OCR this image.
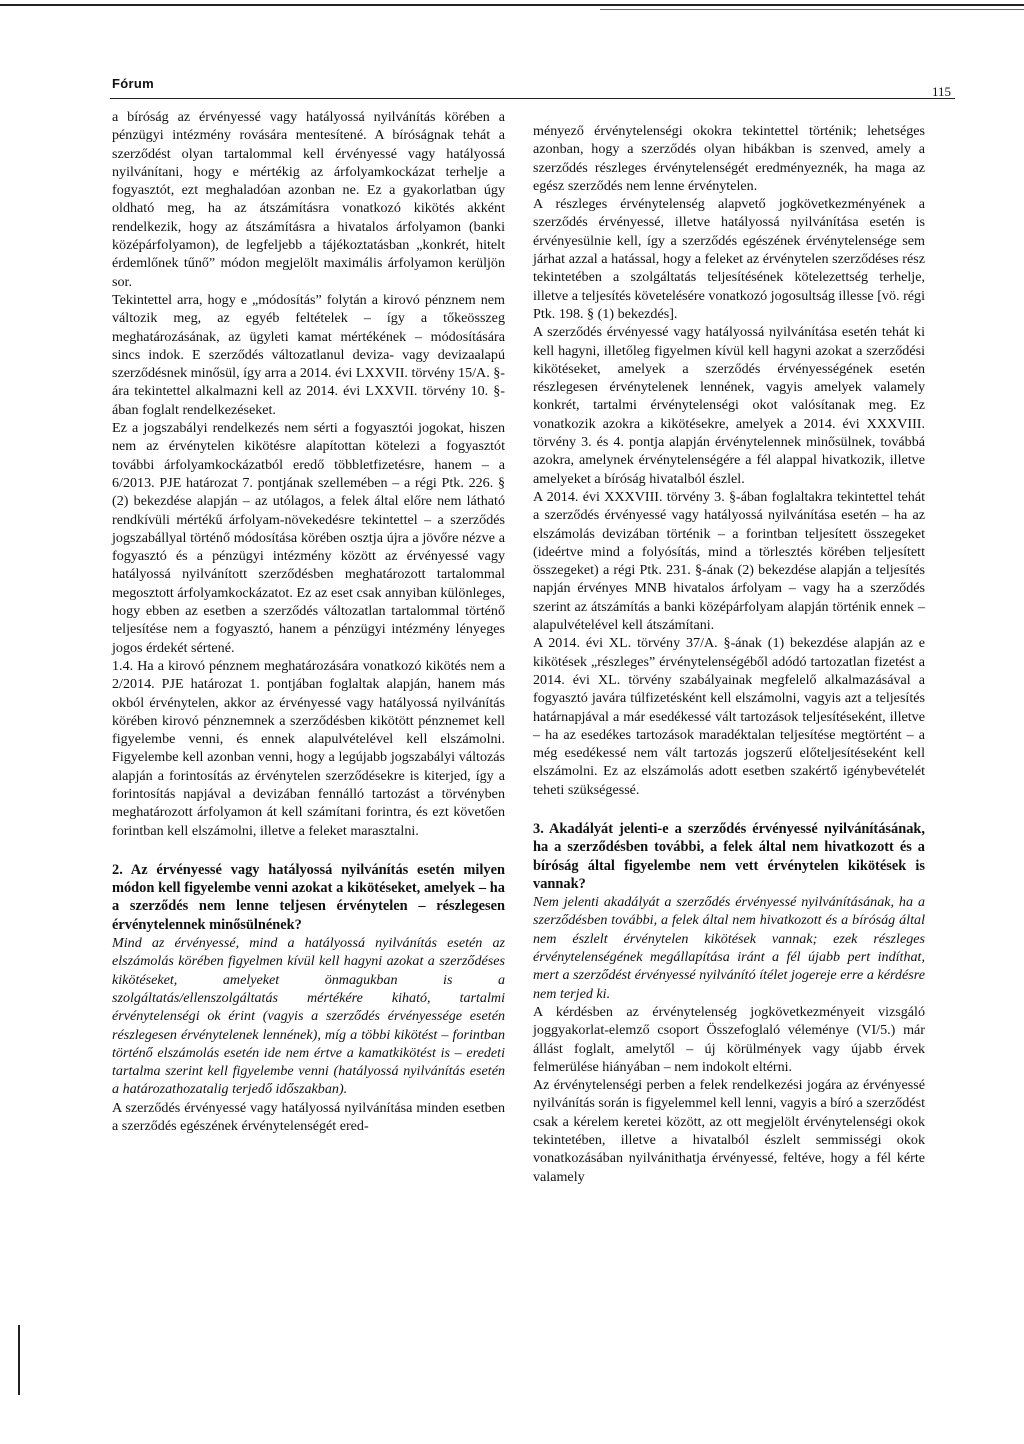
Fórum
115

a bíróság az érvényessé vagy hatályossá nyilvánítás körében a pénzügyi intézmény rovására mentesítené. A bíróságnak tehát a szerződést olyan tartalommal kell érvényessé vagy hatályossá nyilvánítani, hogy e mértékig az árfolyamkockázat terhelje a fogyasztót, ezt meghaladóan azonban ne. Ez a gyakorlatban úgy oldható meg, ha az átszámításra vonatkozó kikötés akként rendelkezik, hogy az átszámításra a hivatalos árfolyamon (banki középárfolyamon), de legfeljebb a tájékoztatásban „konkrét, hitelt érdemlőnek tűnő” módon megjelölt maximális árfolyamon kerüljön sor.

Tekintettel arra, hogy e „módosítás” folytán a kirovó pénznem nem változik meg, az egyéb feltételek – így a tőkeösszeg meghatározásának, az ügyleti kamat mértékének – módosítására sincs indok. E szerződés változatlanul deviza- vagy devizaalapú szerződésnek minősül, így arra a 2014. évi LXXVII. törvény 15/A. §-ára tekintettel alkalmazni kell az 2014. évi LXXVII. törvény 10. §-ában foglalt rendelkezéseket.

Ez a jogszabályi rendelkezés nem sérti a fogyasztói jogokat, hiszen nem az érvénytelen kikötésre alapítottan kötelezi a fogyasztót további árfolyamkockázatból eredő többletfizetésre, hanem – a 6/2013. PJE határozat 7. pontjának szellemében – a régi Ptk. 226. § (2) bekezdése alapján – az utólagos, a felek által előre nem látható rendkívüli mértékű árfolyam-növekedésre tekintettel – a szerződés jogszabállyal történő módosítása körében osztja újra a jövőre nézve a fogyasztó és a pénzügyi intézmény között az érvényessé vagy hatályossá nyilvánított szerződésben meghatározott tartalommal megosztott árfolyamkockázatot. Ez az eset csak annyiban különleges, hogy ebben az esetben a szerződés változatlan tartalommal történő teljesítése nem a fogyasztó, hanem a pénzügyi intézmény lényeges jogos érdekét sértené.

1.4. Ha a kirovó pénznem meghatározására vonatkozó kikötés nem a 2/2014. PJE határozat 1. pontjában foglaltak alapján, hanem más okból érvénytelen, akkor az érvényessé vagy hatályossá nyilvánítás körében kirovó pénznemnek a szerződésben kikötött pénznemet kell figyelembe venni, és ennek alapulvételével kell elszámolni. Figyelembe kell azonban venni, hogy a legújabb jogszabályi változás alapján a forintosítás az érvénytelen szerződésekre is kiterjed, így a forintosítás napjával a devizában fennálló tartozást a törvényben meghatározott árfolyamon át kell számítani forintra, és ezt követően forintban kell elszámolni, illetve a feleket marasztalni.

2. Az érvényessé vagy hatályossá nyilvánítás esetén milyen módon kell figyelembe venni azokat a kikötéseket, amelyek – ha a szerződés nem lenne teljesen érvénytelen – részlegesen érvénytelennek minősülnének?

Mind az érvényessé, mind a hatályossá nyilvánítás esetén az elszámolás körében figyelmen kívül kell hagyni azokat a szerződéses kikötéseket, amelyeket önmagukban is a szolgáltatás/ellenszolgáltatás mértékére kiható, tartalmi érvénytelenségi ok érint (vagyis a szerződés érvényessége esetén részlegesen érvénytelenek lennének), míg a többi kikötést – forintban történő elszámolás esetén ide nem értve a kamatkikötést is – eredeti tartalma szerint kell figyelembe venni (hatályossá nyilvánítás esetén a határozathozatalig terjedő időszakban).

A szerződés érvényessé vagy hatályossá nyilvánítása minden esetben a szerződés egészének érvénytelenségét ered-

ményező érvénytelenségi okokra tekintettel történik; lehetséges azonban, hogy a szerződés olyan hibákban is szenved, amely a szerződés részleges érvénytelenségét eredményeznék, ha maga az egész szerződés nem lenne érvénytelen.

A részleges érvénytelenség alapvető jogkövetkezményének a szerződés érvényessé, illetve hatályossá nyilvánítása esetén is érvényesülnie kell, így a szerződés egészének érvénytelensége sem járhat azzal a hatással, hogy a feleket az érvénytelen szerződéses rész tekintetében a szolgáltatás teljesítésének kötelezettség terhelje, illetve a teljesítés követelésére vonatkozó jogosultság illesse [vö. régi Ptk. 198. § (1) bekezdés].

A szerződés érvényessé vagy hatályossá nyilvánítása esetén tehát ki kell hagyni, illetőleg figyelmen kívül kell hagyni azokat a szerződési kikötéseket, amelyek a szerződés érvényességének esetén részlegesen érvénytelenek lennének, vagyis amelyek valamely konkrét, tartalmi érvénytelenségi okot valósítanak meg. Ez vonatkozik azokra a kikötésekre, amelyek a 2014. évi XXXVIII. törvény 3. és 4. pontja alapján érvénytelennek minősülnek, továbbá azokra, amelynek érvénytelenségére a fél alappal hivatkozik, illetve amelyeket a bíróság hivatalból észlel.

A 2014. évi XXXVIII. törvény 3. §-ában foglaltakra tekintettel tehát a szerződés érvényessé vagy hatályossá nyilvánítása esetén – ha az elszámolás devizában történik – a forintban teljesített összegeket (ideértve mind a folyósítás, mind a törlesztés körében teljesített összegeket) a régi Ptk. 231. §-ának (2) bekezdése alapján a teljesítés napján érvényes MNB hivatalos árfolyam – vagy ha a szerződés szerint az átszámítás a banki középárfolyam alapján történik ennek – alapulvételével kell átszámítani.

A 2014. évi XL. törvény 37/A. §-ának (1) bekezdése alapján az e kikötések „részleges” érvénytelenségéből adódó tartozatlan fizetést a 2014. évi XL. törvény szabályainak megfelelő alkalmazásával a fogyasztó javára túlfizetésként kell elszámolni, vagyis azt a teljesítés határnapjával a már esedékessé vált tartozások teljesítéseként, illetve – ha az esedékes tartozások maradéktalan teljesítése megtörtént – a még esedékessé nem vált tartozás jogszerű előteljesítéseként kell elszámolni. Ez az elszámolás adott esetben szakértő igénybevételét teheti szükségessé.

3. Akadályát jelenti-e a szerződés érvényessé nyilvánításának, ha a szerződésben további, a felek által nem hivatkozott és a bíróság által figyelembe nem vett érvénytelen kikötések is vannak?

Nem jelenti akadályát a szerződés érvényessé nyilvánításának, ha a szerződésben további, a felek által nem hivatkozott és a bíróság által nem észlelt érvénytelen kikötések vannak; ezek részleges érvénytelenségének megállapítása iránt a fél újabb pert indíthat, mert a szerződést érvényessé nyilvánító ítélet jogereje erre a kérdésre nem terjed ki.

A kérdésben az érvénytelenség jogkövetkezményeit vizsgáló joggyakorlat-elemző csoport Összefoglaló véleménye (VI/5.) már állást foglalt, amelytől – új körülmények vagy újabb érvek felmerülése hiányában – nem indokolt eltérni.

Az érvénytelenségi perben a felek rendelkezési jogára az érvényessé nyilvánítás során is figyelemmel kell lenni, vagyis a bíró a szerződést csak a kérelem keretei között, az ott megjelölt érvénytelenségi okok tekintetében, illetve a hivatalból észlelt semmisségi okok vonatkozásában nyilvánithatja érvényessé, feltéve, hogy a fél kérte valamely
